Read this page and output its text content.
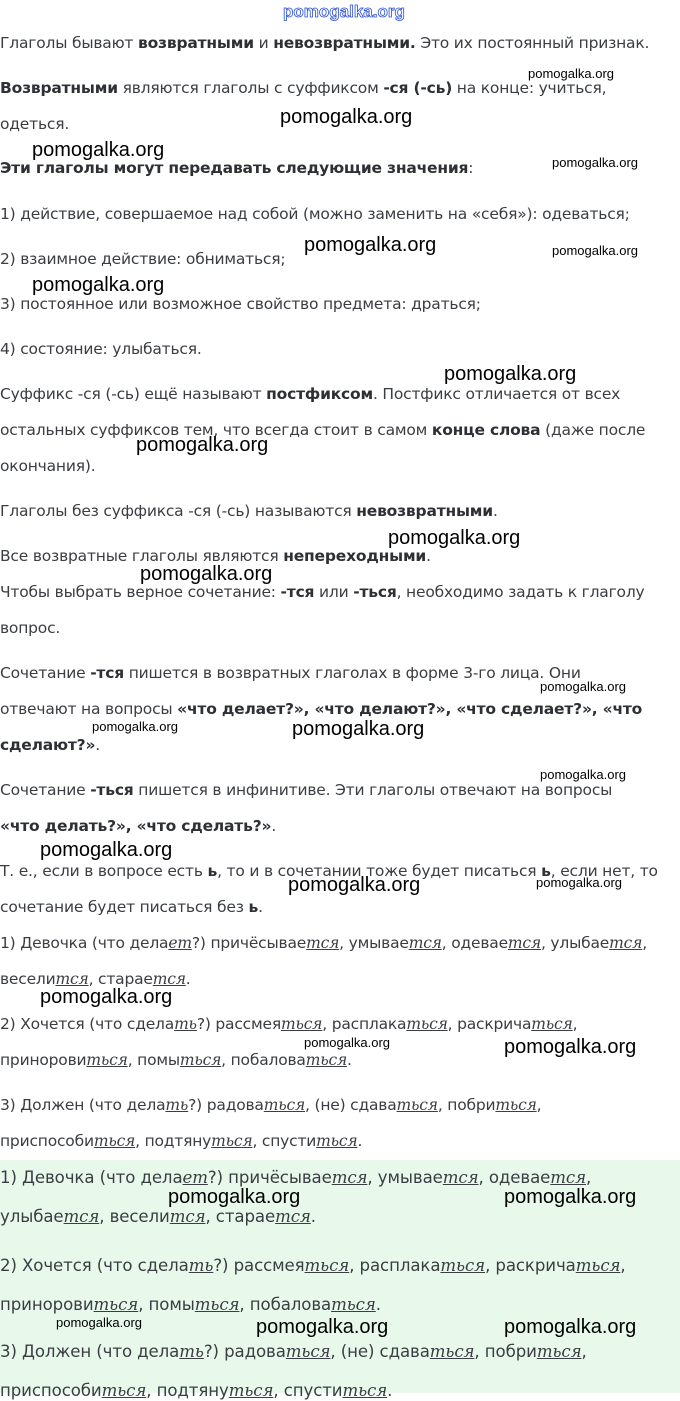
pomogalka.org

Глаголы бывают возвратными и невозвратными. Это их постоянный признак.

Возвратными являются глаголы с суффиксом -ся (-сь) на конце: учиться,

одеться.

Эти глаголы могут передавать следующие значения:

1) действие, совершаемое над собой (можно заменить на «себя»): одеваться;

2) взаимное действие: обниматься;

3) постоянное или возможное свойство предмета: драться;

4) состояние: улыбаться.

Суффикс -ся (-сь) ещё называют постфиксом. Постфикс отличается от всех

остальных суффиксов тем, что всегда стоит в самом конце слова (даже после

окончания).

Глаголы без суффикса -ся (-сь) называются невозвратными.

Все возвратные глаголы являются непереходными.

Чтобы выбрать верное сочетание: -тся или -ться, необходимо задать к глаголу

вопрос.

Сочетание -тся пишется в возвратных глаголах в форме 3-го лица. Они

отвечают на вопросы «что делает?», «что делают?», «что сделает?», «что

сделают?».

Сочетание -ться пишется в инфинитиве. Эти глаголы отвечают на вопросы

«что делать?», «что сделать?».

Т. е., если в вопросе есть ь, то и в сочетании тоже будет писаться ь, если нет, то

сочетание будет писаться без ь.

1) Девочка (что делает?) причёсывается, умывается, одевается, улыбается,

веселится, старается.

2) Хочется (что сделать?) рассмеяться, расплакаться, раскричаться,

приноровиться, помыться, побаловаться.

3) Должен (что делать?) радоваться, (не) сдаваться, побриться,

приспособиться, подтянуться, спуститься.

1) Девочка (что делает?) причёсывается, умывается, одевается,

улыбается, веселится, старается.

2) Хочется (что сделать?) рассмеяться, расплакаться, раскричаться,

приноровиться, помыться, побаловаться.

3) Должен (что делать?) радоваться, (не) сдаваться, побриться,

приспособиться, подтянуться, спуститься.

pomogalka.org
pomogalka.org
pomogalka.org
pomogalka.org
pomogalka.org	pomogalka.org
pomogalka.org
pomogalka.org
pomogalka.org
pomogalka.org
pomogalka.org
pomogalka.org
pomogalka.org	pomogalka.org
pomogalka.org
pomogalka.org
pomogalka.org	pomogalka.org
pomogalka.org
pomogalka.org	pomogalka.org
pomogalka.org	pomogalka.org
pomogalka.org	pomogalka.org	pomogalka.org
